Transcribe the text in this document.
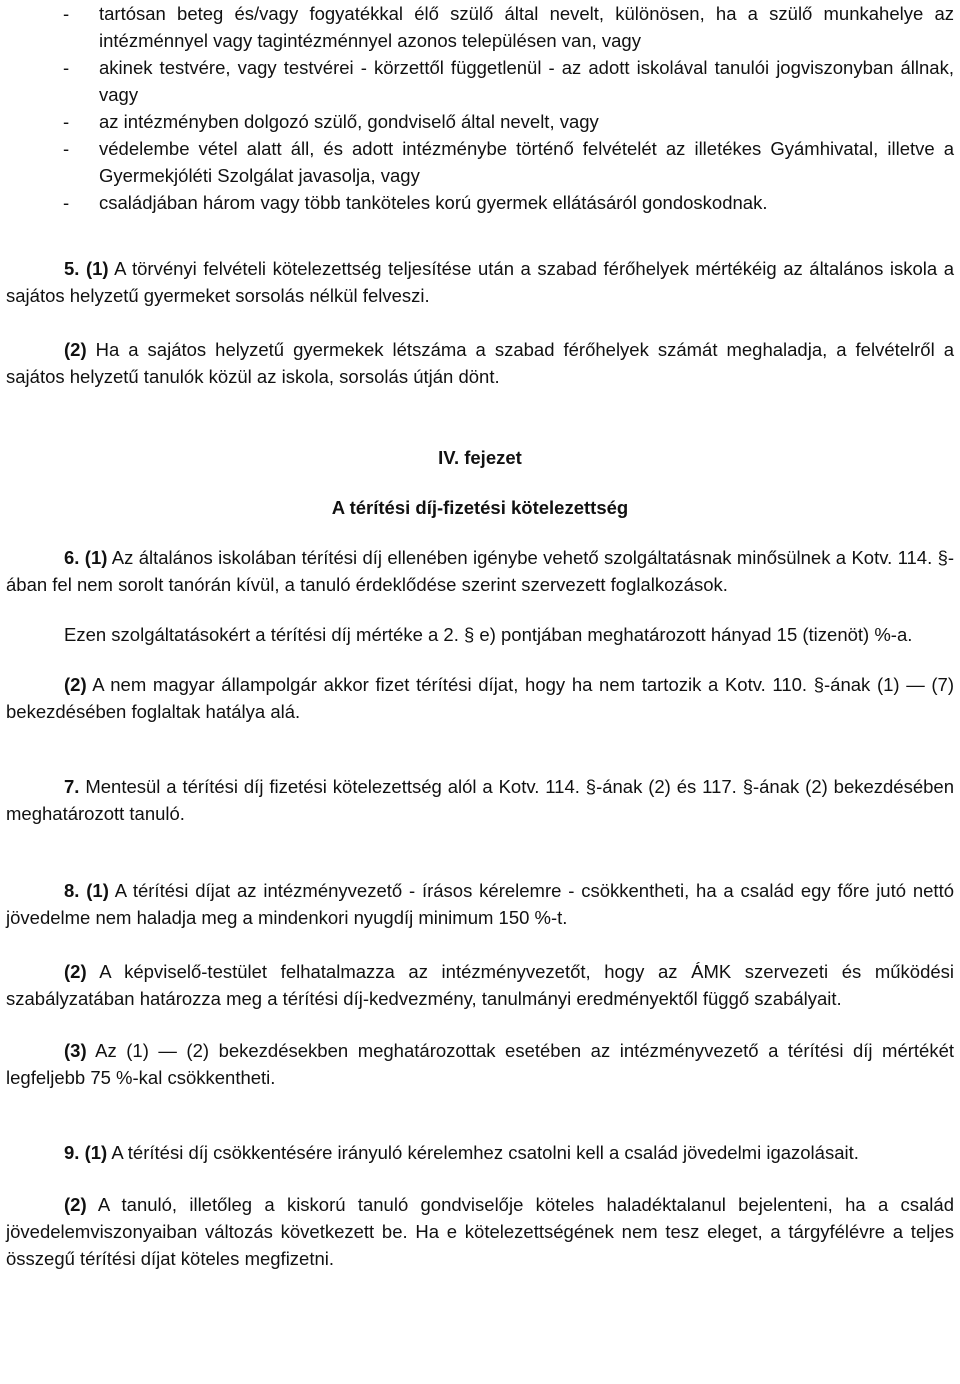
- tartósan beteg és/vagy fogyatékkal élő szülő által nevelt, különösen, ha a szülő munkahelye az intézménnyel vagy tagintézménnyel azonos településen van, vagy
- akinek testvére, vagy testvérei - körzettől függetlenül - az adott iskolával tanulói jogviszonyban állnak, vagy
- az intézményben dolgozó szülő, gondviselő által nevelt, vagy
- védelembe vétel alatt áll, és adott intézménybe történő felvételét az illetékes Gyámhivatal, illetve a Gyermekjóléti Szolgálat javasolja, vagy
- családjában három vagy több tanköteles korú gyermek ellátásáról gondoskodnak.

5. (1) A törvényi felvételi kötelezettség teljesítése után a szabad férőhelyek mértékéig az általános iskola a sajátos helyzetű gyermeket sorsolás nélkül felveszi.

(2) Ha a sajátos helyzetű gyermekek létszáma a szabad férőhelyek számát meghaladja, a felvételről a sajátos helyzetű tanulók közül az iskola, sorsolás útján dönt.

IV. fejezet
A térítési díj-fizetési kötelezettség

6. (1) Az általános iskolában térítési díj ellenében igénybe vehető szolgáltatásnak minősülnek a Kotv. 114. §-ában fel nem sorolt tanórán kívül, a tanuló érdeklődése szerint szervezett foglalkozások.

Ezen szolgáltatásokért a térítési díj mértéke a 2. § e) pontjában meghatározott hányad 15 (tizenöt) %-a.

(2) A nem magyar állampolgár akkor fizet térítési díjat, hogy ha nem tartozik a Kotv. 110. §-ának (1) — (7) bekezdésében foglaltak hatálya alá.

7. Mentesül a térítési díj fizetési kötelezettség alól a Kotv. 114. §-ának (2) és 117. §-ának (2) bekezdésében meghatározott tanuló.

8. (1) A térítési díjat az intézményvezető - írásos kérelemre - csökkentheti, ha a család egy főre jutó nettó jövedelme nem haladja meg a mindenkori nyugdíj minimum 150 %-t.

(2) A képviselő-testület felhatalmazza az intézményvezetőt, hogy az ÁMK szervezeti és működési szabályzatában határozza meg a térítési díj-kedvezmény, tanulmányi eredményektől függő szabályait.

(3) Az (1) — (2) bekezdésekben meghatározottak esetében az intézményvezető a térítési díj mértékét legfeljebb 75 %-kal csökkentheti.

9. (1) A térítési díj csökkentésére irányuló kérelemhez csatolni kell a család jövedelmi igazolásait.

(2) A tanuló, illetőleg a kiskorú tanuló gondviselője köteles haladéktalanul bejelenteni, ha a család jövedelemviszonyaiban változás következett be. Ha e kötelezettségének nem tesz eleget, a tárgyfélévre a teljes összegű térítési díjat köteles megfizetni.
